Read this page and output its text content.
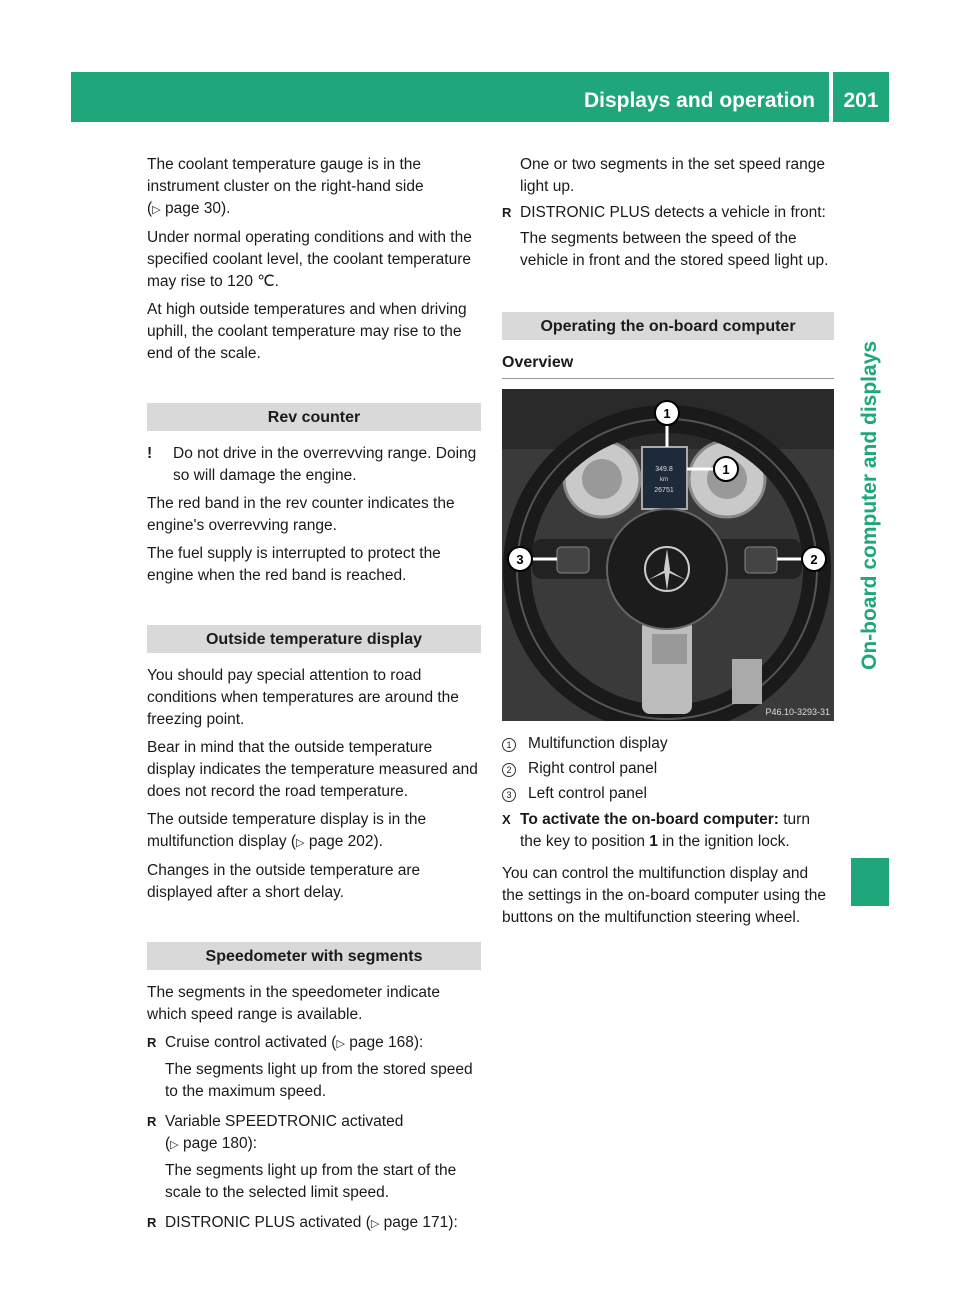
Displays and operation	201
On-board computer and displays

The coolant temperature gauge is in the instrument cluster on the right-hand side
(▷ page 30).

Under normal operating conditions and with the specified coolant level, the coolant temperature may rise to 120 ℃.

At high outside temperatures and when driving uphill, the coolant temperature may rise to the end of the scale.

Rev counter
!	Do not drive in the overrevving range. Doing so will damage the engine.

The red band in the rev counter indicates the engine's overrevving range.

The fuel supply is interrupted to protect the engine when the red band is reached.

Outside temperature display

You should pay special attention to road conditions when temperatures are around the freezing point.

Bear in mind that the outside temperature display indicates the temperature measured and does not record the road temperature.

The outside temperature display is in the multifunction display (▷ page 202).

Changes in the outside temperature are displayed after a short delay.

Speedometer with segments

The segments in the speedometer indicate which speed range is available.

R Cruise control activated (▷ page 168):

The segments light up from the stored speed to the maximum speed.

R Variable SPEEDTRONIC activated
(▷ page 180):

The segments light up from the start of the scale to the selected limit speed.

R DISTRONIC PLUS activated (▷ page 171):

One or two segments in the set speed range light up.
R DISTRONIC PLUS detects a vehicle in front:

The segments between the speed of the vehicle in front and the stored speed light up.

Operating the on-board computer
Overview
349.8
km
26751
1
1
2
3
P46.10-3293-31
1	Multifunction display
2	Right control panel
3	Left control panel
X To activate the on-board computer: turn the key to position 1 in the ignition lock.

You can control the multifunction display and the settings in the on-board computer using the buttons on the multifunction steering wheel.
